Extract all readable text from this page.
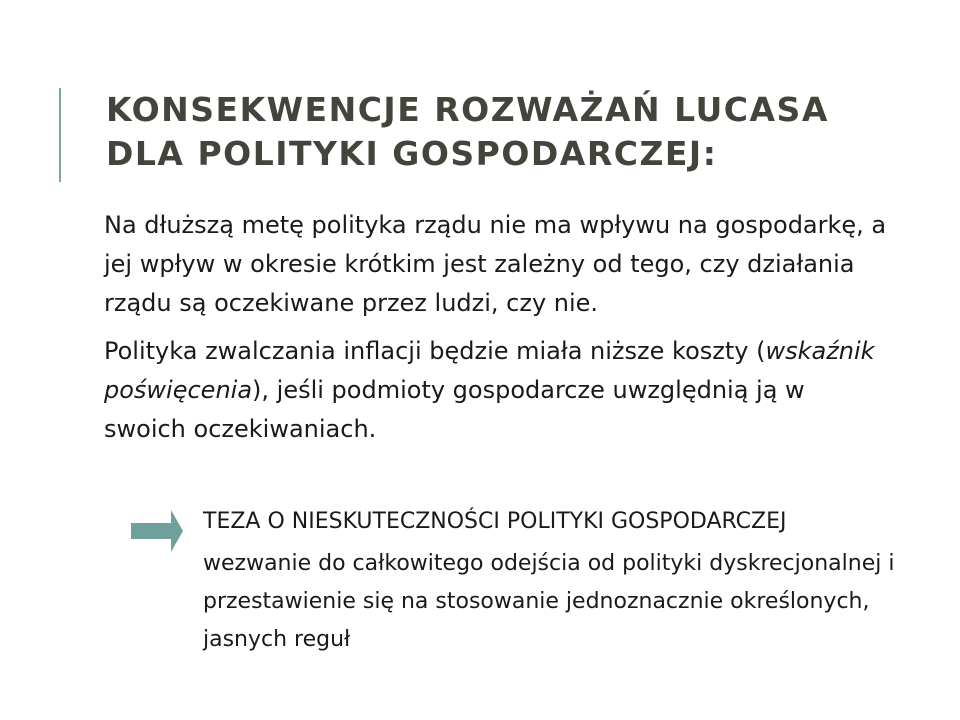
KONSEKWENCJE ROZWAŻAŃ LUCASA
DLA POLITYKI GOSPODARCZEJ:

Na dłuższą metę polityka rządu nie ma wpływu na gospodarkę, a jej wpływ w okresie krótkim jest zależny od tego, czy działania rządu są oczekiwane przez ludzi, czy nie.

Polityka zwalczania inflacji będzie miała niższe koszty (wskaźnik poświęcenia), jeśli podmioty gospodarcze uwzględnią ją w swoich oczekiwaniach.

TEZA O NIESKUTECZNOŚCI POLITYKI GOSPODARCZEJ

wezwanie do całkowitego odejścia od polityki dyskrecjonalnej i przestawienie się na stosowanie jednoznacznie określonych, jasnych reguł
